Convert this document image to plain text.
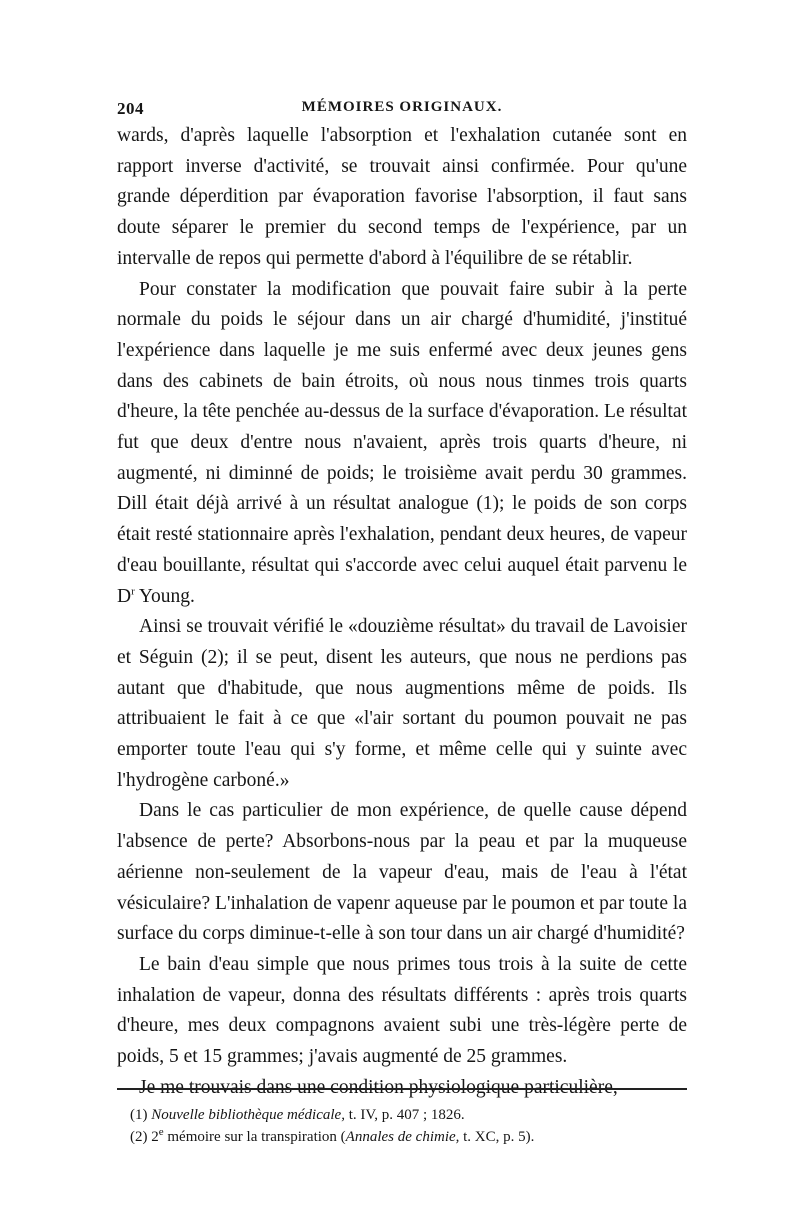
204	MÉMOIRES ORIGINAUX.

wards, d'après laquelle l'absorption et l'exhalation cutanée sont en rapport inverse d'activité, se trouvait ainsi confirmée. Pour qu'une grande déperdition par évaporation favorise l'absorption, il faut sans doute séparer le premier du second temps de l'expérience, par un intervalle de repos qui permette d'abord à l'équilibre de se rétablir.

Pour constater la modification que pouvait faire subir à la perte normale du poids le séjour dans un air chargé d'humidité, j'institué l'expérience dans laquelle je me suis enfermé avec deux jeunes gens dans des cabinets de bain étroits, où nous nous tinmes trois quarts d'heure, la tête penchée au-dessus de la surface d'évaporation. Le résultat fut que deux d'entre nous n'avaient, après trois quarts d'heure, ni augmenté, ni diminné de poids; le troisième avait perdu 30 grammes. Dill était déjà arrivé à un résultat analogue (1); le poids de son corps était resté stationnaire après l'exhalation, pendant deux heures, de vapeur d'eau bouillante, résultat qui s'accorde avec celui auquel était parvenu le $D^r$ Young.

Ainsi se trouvait vérifié le «douzième résultat» du travail de Lavoisier et Séguin (2); il se peut, disent les auteurs, que nous ne perdions pas autant que d'habitude, que nous augmentions même de poids. Ils attribuaient le fait à ce que «l'air sortant du poumon pouvait ne pas emporter toute l'eau qui s'y forme, et même celle qui y suinte avec l'hydrogène carboné.»

Dans le cas particulier de mon expérience, de quelle cause dépend l'absence de perte? Absorbons-nous par la peau et par la muqueuse aérienne non-seulement de la vapeur d'eau, mais de l'eau à l'état vésiculaire? L'inhalation de vapenr aqueuse par le poumon et par toute la surface du corps diminue-t-elle à son tour dans un air chargé d'humidité?

Le bain d'eau simple que nous primes tous trois à la suite de cette inhalation de vapeur, donna des résultats différents : après trois quarts d'heure, mes deux compagnons avaient subi une très-légère perte de poids, 5 et 15 grammes; j'avais augmenté de 25 grammes.

Je me trouvais dans une condition physiologique particulière,

(1) Nouvelle bibliothèque médicale, t. IV, p. 407 ; 1826.
(2) 2e mémoire sur la transpiration (Annales de chimie, t. XC, p. 5).
